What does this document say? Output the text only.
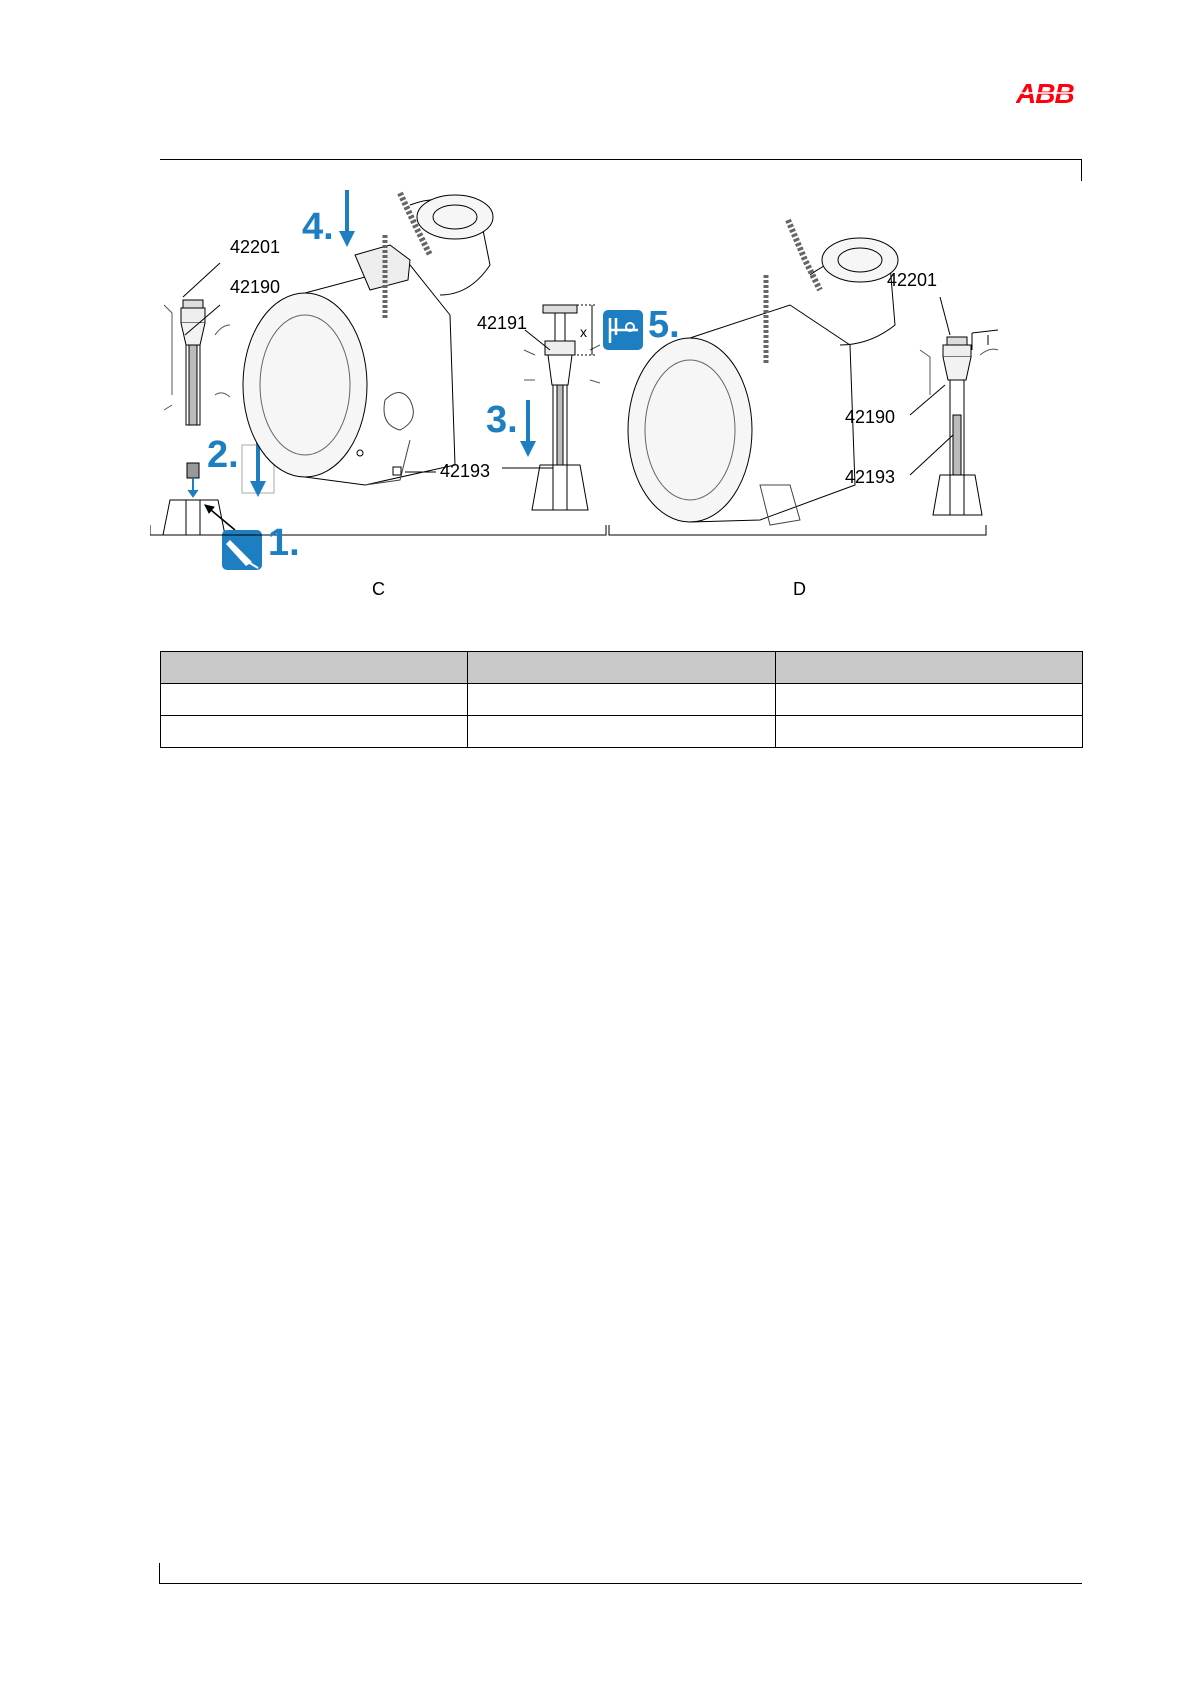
ABB
42201
42190
42191
42193
42201
42190
42193
x
1.
2.
3.
4.
5.
C	D
